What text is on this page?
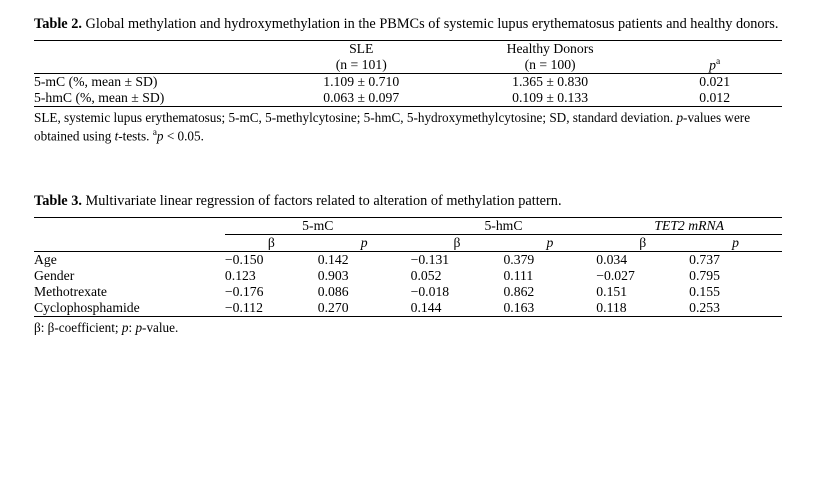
Table 2. Global methylation and hydroxymethylation in the PBMCs of systemic lupus erythematosus patients and healthy donors.

	SLE	Healthy Donors	$p^a$
	(n = 101)	(n = 100)	
5-mC (%, mean ± SD)	1.109 ± 0.710	1.365 ± 0.830	0.021
5-hmC (%, mean ± SD)	0.063 ± 0.097	0.109 ± 0.133	0.012

SLE, systemic lupus erythematosus; 5-mC, 5-methylcytosine; 5-hmC, 5-hydroxymethylcytosine; SD, standard deviation. p-values were obtained using t-tests. $^a$p < 0.05.

Table 3. Multivariate linear regression of factors related to alteration of methylation pattern.

	5-mC		5-hmC		TET2 mRNA	
	β	p	β	p	β	p
Age	−0.150	0.142	−0.131	0.379	0.034	0.737
Gender	0.123	0.903	0.052	0.111	−0.027	0.795
Methotrexate	−0.176	0.086	−0.018	0.862	0.151	0.155
Cyclophosphamide	−0.112	0.270	0.144	0.163	0.118	0.253

β: β-coefficient; p: p-value.
